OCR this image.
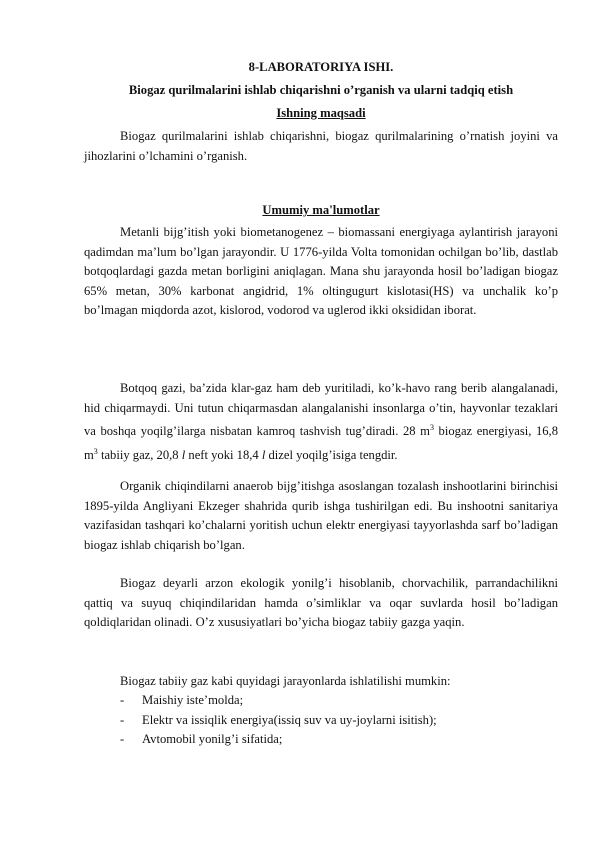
8-LABORATORIYA ISHI.
Biogaz qurilmalarini ishlab chiqarishni o’rganish va ularni tadqiq etish
Ishning maqsadi
Biogaz qurilmalarini ishlab chiqarishni, biogaz qurilmalarining o’rnatish joyini va jihozlarini o’lchamini o’rganish.
Umumiy ma'lumotlar
Metanli bijg’itish yoki biometanogenez – biomassani energiyaga aylantirish jarayoni qadimdan ma’lum bo’lgan jarayondir. U 1776-yilda Volta tomonidan ochilgan bo’lib, dastlab botqoqlardagi gazda metan borligini aniqlagan. Mana shu jarayonda hosil bo’ladigan biogaz 65% metan, 30% karbonat angidrid, 1% oltingugurt kislotasi(HS) va unchalik ko’p bo’lmagan miqdorda azot, kislorod, vodorod va uglerod ikki oksididan iborat.
Botqoq gazi, ba’zida klar-gaz ham deb yuritiladi, ko’k-havo rang berib alangalanadi, hid chiqarmaydi. Uni tutun chiqarmasdan alangalanishi insonlarga o’tin, hayvonlar tezaklari va boshqa yoqilg’ilarga nisbatan kamroq tashvish tug’diradi. 28 $m^3$ biogaz energiyasi, 16,8 $m^3$ tabiiy gaz, 20,8 l neft yoki 18,4 l dizel yoqilg’isiga tengdir.
Organik chiqindilarni anaerob bijg’itishga asoslangan tozalash inshootlarini birinchisi 1895-yilda Angliyani Ekzeger shahrida qurib ishga tushirilgan edi. Bu inshootni sanitariya vazifasidan tashqari ko’chalarni yoritish uchun elektr energiyasi tayyorlashda sarf bo’ladigan biogaz ishlab chiqarish bo’lgan.
Biogaz deyarli arzon ekologik yonilg’i hisoblanib, chorvachilik, parrandachilikni qattiq va suyuq chiqindilaridan hamda o’simliklar va oqar suvlarda hosil bo’ladigan qoldiqlaridan olinadi. O’z xususiyatlari bo’yicha biogaz tabiiy gazga yaqin.
Biogaz tabiiy gaz kabi quyidagi jarayonlarda ishlatilishi mumkin:
- Maishiy iste’molda;
- Elektr va issiqlik energiya(issiq suv va uy-joylarni isitish);
- Avtomobil yonilg’i sifatida;
